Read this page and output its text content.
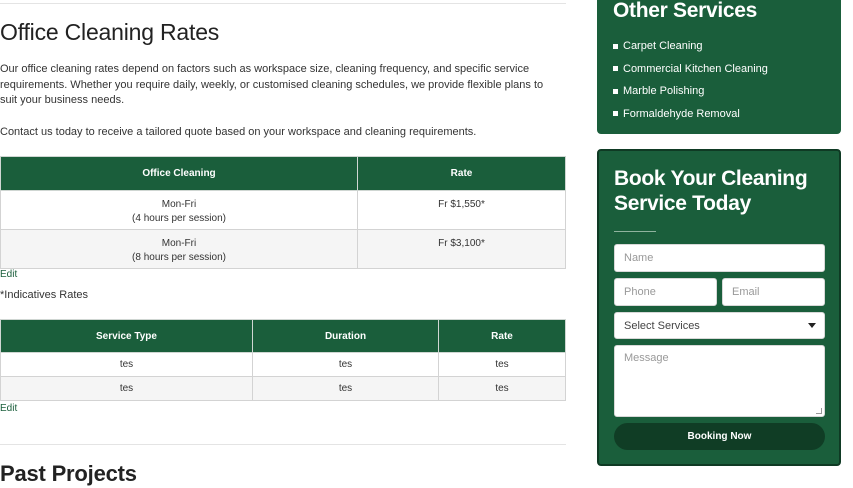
Office Cleaning Rates

Our office cleaning rates depend on factors such as workspace size, cleaning frequency, and specific service requirements. Whether you require daily, weekly, or customised cleaning schedules, we provide flexible plans to suit your business needs.

Contact us today to receive a tailored quote based on your workspace and cleaning requirements.

Office Cleaning	Rate
Mon-Fri
(4 hours per session)	Fr $1,550*
Mon-Fri
(8 hours per session)	Fr $3,100*
Edit
*Indicatives Rates
Service Type	Duration	Rate
tes	tes	tes
tes	tes	tes
Edit
Past Projects
Other Services
Carpet Cleaning
Commercial Kitchen Cleaning
Marble Polishing
Formaldehyde Removal
Book Your Cleaning Service Today
Name
Phone	Email
Select Services
Message
Booking Now
